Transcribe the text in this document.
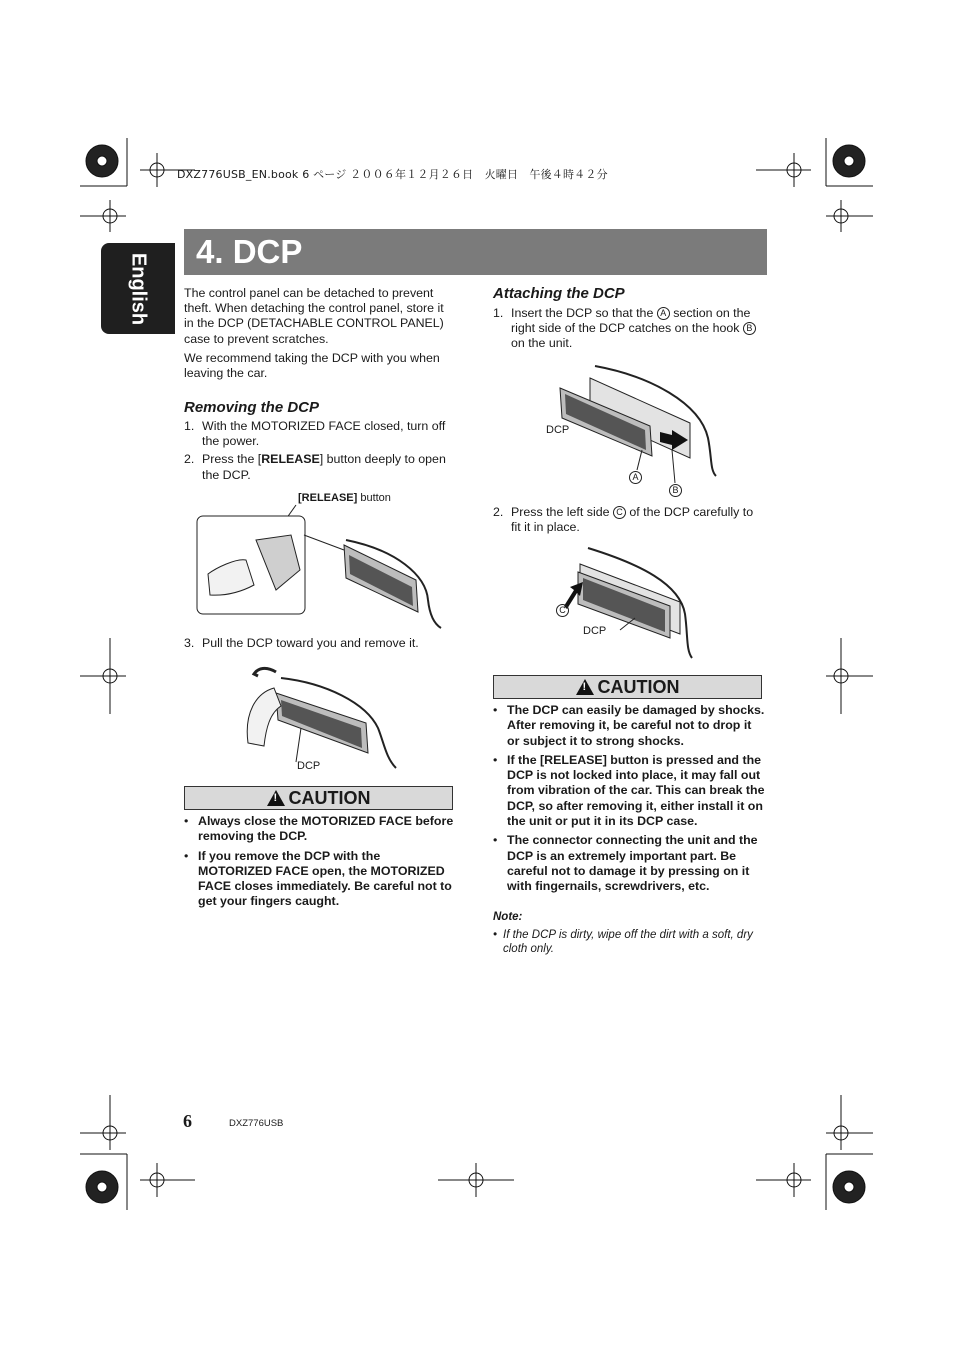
DXZ776USB_EN.book 6 ページ ２００６年１２月２６日　火曜日　午後４時４２分
English
4. DCP

The control panel can be detached to prevent theft. When detaching the control panel, store it in the DCP (DETACHABLE CONTROL PANEL) case to prevent scratches.

We recommend taking the DCP with you when leaving the car.

Removing the DCP
1. With the MOTORIZED FACE closed, turn off the power.
2. Press the [RELEASE] button deeply to open the DCP.
[RELEASE] button
3. Pull the DCP toward you and remove it.
DCP
!CAUTION
• Always close the MOTORIZED FACE before removing the DCP.
• If you remove the DCP with the MOTORIZED FACE open, the MOTORIZED FACE closes immediately. Be careful not to get your fingers caught.
Attaching the DCP
1. Insert the DCP so that the A section on the right side of the DCP catches on the hook B on the unit.
DCP
A
B
2. Press the left side C of the DCP carefully to fit it in place.
C
DCP
!CAUTION
• The DCP can easily be damaged by shocks. After removing it, be careful not to drop it or subject it to strong shocks.
• If the [RELEASE] button is pressed and the DCP is not locked into place, it may fall out from vibration of the car. This can break the DCP, so after removing it, either install it on the unit or put it in its DCP case.
• The connector connecting the unit and the DCP is an extremely important part. Be careful not to damage it by pressing on it with fingernails, screwdrivers, etc.
Note:
• If the DCP is dirty, wipe off the dirt with a soft, dry cloth only.
6	DXZ776USB
